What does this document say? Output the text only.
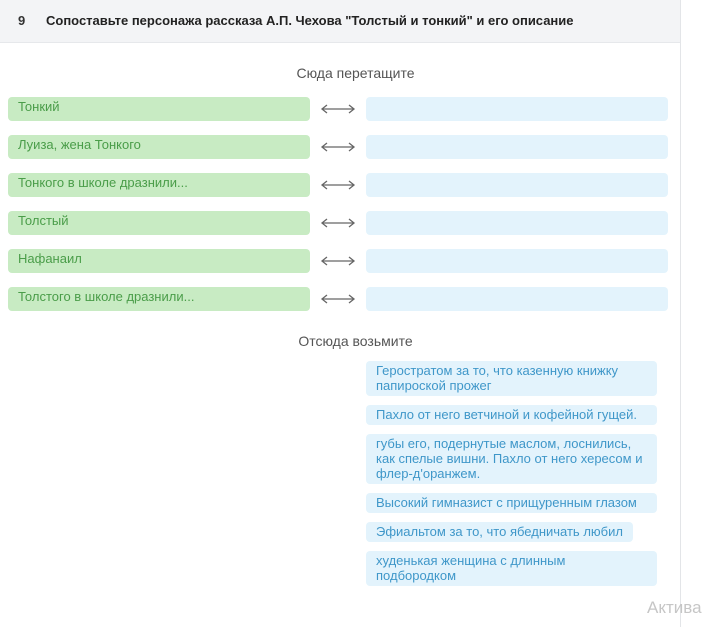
9 Сопоставьте персонажа рассказа А.П. Чехова "Толстый и тонкий" и его описание
Сюда перетащите
Тонкий
Луиза, жена Тонкого
Тонкого в школе дразнили...
Толстый
Нафанаил
Толстого в школе дразнили...
Отсюда возьмите
Геростратом за то, что казенную книжку папироской прожег Пахло от него ветчиной и кофейной гущей. губы его, подернутые маслом, лоснились, как спелые вишни. Пахло от него хересом и флер-д'оранжем. Высокий гимназист с прищуренным глазом Эфиальтом за то, что ябедничать любил худенькая женщина с длинным подбородком
Актива
